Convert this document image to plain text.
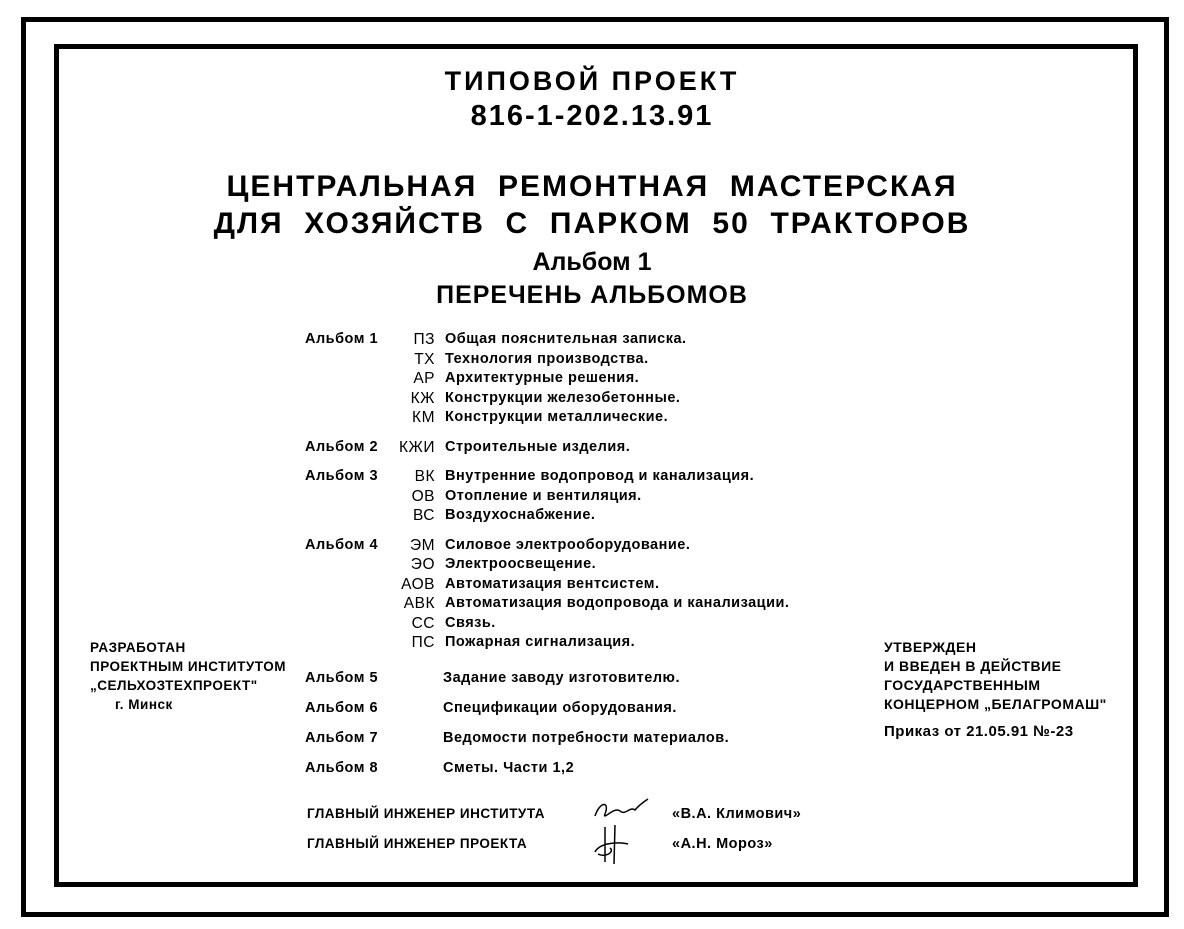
ТИПОВОЙ ПРОЕКТ
816-1-202.13.91
ЦЕНТРАЛЬНАЯ  РЕМОНТНАЯ  МАСТЕРСКАЯ
ДЛЯ  ХОЗЯЙСТВ  С  ПАРКОМ  50  ТРАКТОРОВ
Альбом 1
ПЕРЕЧЕНЬ АЛЬБОМОВ
Альбом 1	ПЗ Общая пояснительная записка.
ТХ Технология производства.
АР Архитектурные решения.
КЖ Конструкции железобетонные.
КМ Конструкции металлические.
Альбом 2	КЖИ Строительные изделия.
Альбом 3	ВК Внутренние водопровод и канализация.
ОВ Отопление и вентиляция.
ВС Воздухоснабжение.
Альбом 4	ЭМ Силовое электрооборудование.
ЭО Электроосвещение.
АОВ Автоматизация вентсистем.
АВК Автоматизация водопровода и канализации.
СС Связь.
ПС Пожарная сигнализация.
Альбом 5	Задание заводу изготовителю.
Альбом 6	Спецификации оборудования.
Альбом 7	Ведомости потребности материалов.
Альбом 8	Сметы. Части 1,2
РАЗРАБОТАН
ПРОЕКТНЫМ ИНСТИТУТОМ
„СЕЛЬХОЗТЕХПРОЕКТ"
г. Минск
УТВЕРЖДЕН
И ВВЕДЕН В ДЕЙСТВИЕ
ГОСУДАРСТВЕННЫМ
КОНЦЕРНОМ „БЕЛАГРОМАШ"
Приказ от 21.05.91 №-23
ГЛАВНЫЙ ИНЖЕНЕР ИНСТИТУТА	«В.А. Климович»
ГЛАВНЫЙ ИНЖЕНЕР ПРОЕКТА	«А.Н. Мороз»
